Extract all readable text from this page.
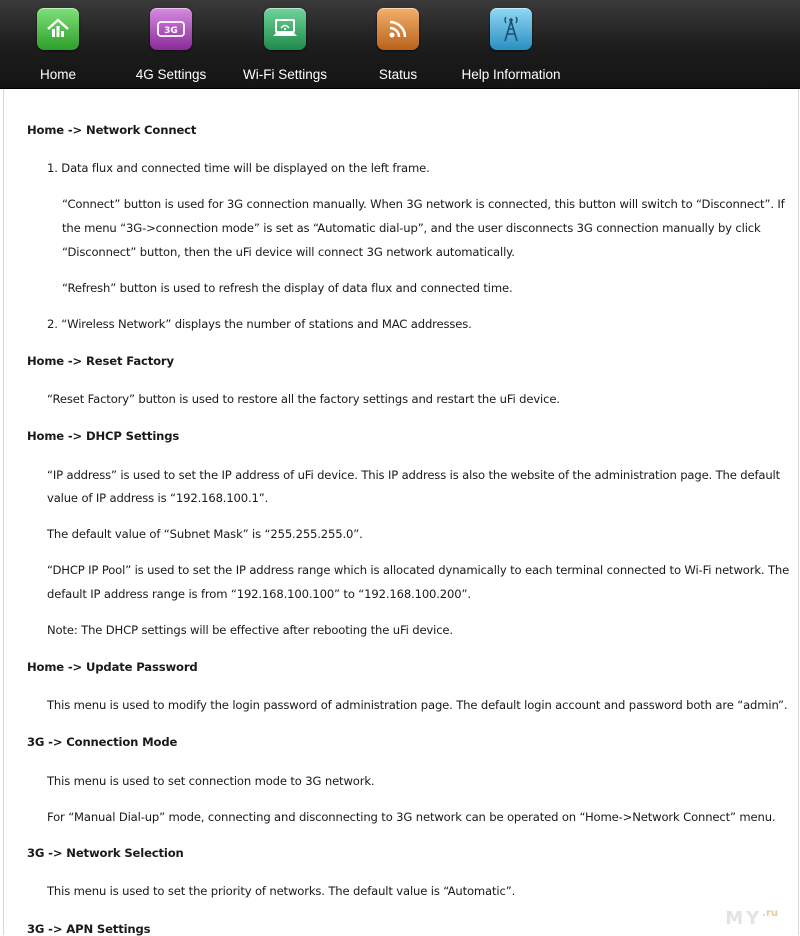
Home
3G
4G Settings	Wi-Fi Settings	Status	Help Information
Home -> Network Connect
1. Data flux and connected time will be displayed on the left frame.
“Connect” button is used for 3G connection manually. When 3G network is connected, this button will switch to “Disconnect”. If
the menu “3G->connection mode” is set as “Automatic dial-up”, and the user disconnects 3G connection manually by click
“Disconnect” button, then the uFi device will connect 3G network automatically.
“Refresh” button is used to refresh the display of data flux and connected time.
2. “Wireless Network” displays the number of stations and MAC addresses.
Home -> Reset Factory
“Reset Factory” button is used to restore all the factory settings and restart the uFi device.
Home -> DHCP Settings
“IP address” is used to set the IP address of uFi device. This IP address is also the website of the administration page. The default
value of IP address is “192.168.100.1”.
The default value of “Subnet Mask” is “255.255.255.0”.
“DHCP IP Pool” is used to set the IP address range which is allocated dynamically to each terminal connected to Wi-Fi network. The
default IP address range is from “192.168.100.100” to “192.168.100.200”.
Note: The DHCP settings will be effective after rebooting the uFi device.
Home -> Update Password
This menu is used to modify the login password of administration page. The default login account and password both are “admin”.
3G -> Connection Mode
This menu is used to set connection mode to 3G network.
For “Manual Dial-up” mode, connecting and disconnecting to 3G network can be operated on “Home->Network Connect” menu.
3G -> Network Selection
This menu is used to set the priority of networks. The default value is “Automatic”.
3G -> APN Settings	$MY^{.ru}$
